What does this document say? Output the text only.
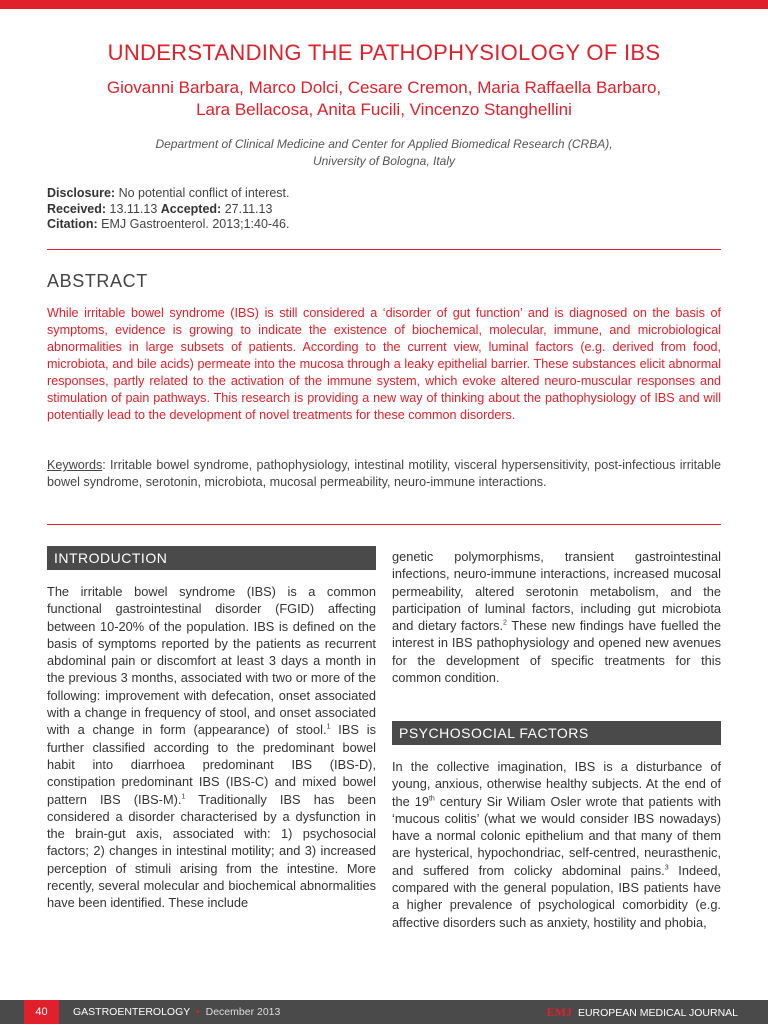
UNDERSTANDING THE PATHOPHYSIOLOGY OF IBS
Giovanni Barbara, Marco Dolci, Cesare Cremon, Maria Raffaella Barbaro,
Lara Bellacosa, Anita Fucili, Vincenzo Stanghellini
Department of Clinical Medicine and Center for Applied Biomedical Research (CRBA),
University of Bologna, Italy
Disclosure: No potential conflict of interest.
Received: 13.11.13 Accepted: 27.11.13
Citation: EMJ Gastroenterol. 2013;1:40-46.
ABSTRACT
While irritable bowel syndrome (IBS) is still considered a ‘disorder of gut function’ and is diagnosed on the basis of symptoms, evidence is growing to indicate the existence of biochemical, molecular, immune, and microbiological abnormalities in large subsets of patients. According to the current view, luminal factors (e.g. derived from food, microbiota, and bile acids) permeate into the mucosa through a leaky epithelial barrier. These substances elicit abnormal responses, partly related to the activation of the immune system, which evoke altered neuro-muscular responses and stimulation of pain pathways. This research is providing a new way of thinking about the pathophysiology of IBS and will potentially lead to the development of novel treatments for these common disorders.
Keywords: Irritable bowel syndrome, pathophysiology, intestinal motility, visceral hypersensitivity, post-infectious irritable bowel syndrome, serotonin, microbiota, mucosal permeability, neuro-immune interactions.
INTRODUCTION
The irritable bowel syndrome (IBS) is a common functional gastrointestinal disorder (FGID) affecting between 10-20% of the population. IBS is defined on the basis of symptoms reported by the patients as recurrent abdominal pain or discomfort at least 3 days a month in the previous 3 months, associated with two or more of the following: improvement with defecation, onset associated with a change in frequency of stool, and onset associated with a change in form (appearance) of stool.$^1$ IBS is further classified according to the predominant bowel habit into diarrhoea predominant IBS (IBS-D), constipation predominant IBS (IBS-C) and mixed bowel pattern IBS (IBS-M).$^1$ Traditionally IBS has been considered a disorder characterised by a dysfunction in the brain-gut axis, associated with: 1) psychosocial factors; 2) changes in intestinal motility; and 3) increased perception of stimuli arising from the intestine. More recently, several molecular and biochemical abnormalities have been identified. These include
genetic polymorphisms, transient gastrointestinal infections, neuro-immune interactions, increased mucosal permeability, altered serotonin metabolism, and the participation of luminal factors, including gut microbiota and dietary factors.$^2$ These new findings have fuelled the interest in IBS pathophysiology and opened new avenues for the development of specific treatments for this common condition.
PSYCHOSOCIAL FACTORS
In the collective imagination, IBS is a disturbance of young, anxious, otherwise healthy subjects. At the end of the 19th century Sir Wiliam Osler wrote that patients with ‘mucous colitis’ (what we would consider IBS nowadays) have a normal colonic epithelium and that many of them are hysterical, hypochondriac, self-centred, neurasthenic, and suffered from colicky abdominal pains.$^3$ Indeed, compared with the general population, IBS patients have a higher prevalence of psychological comorbidity (e.g. affective disorders such as anxiety, hostility and phobia,
40	GASTROENTEROLOGY • December 2013	EMJ EUROPEAN MEDICAL JOURNAL
